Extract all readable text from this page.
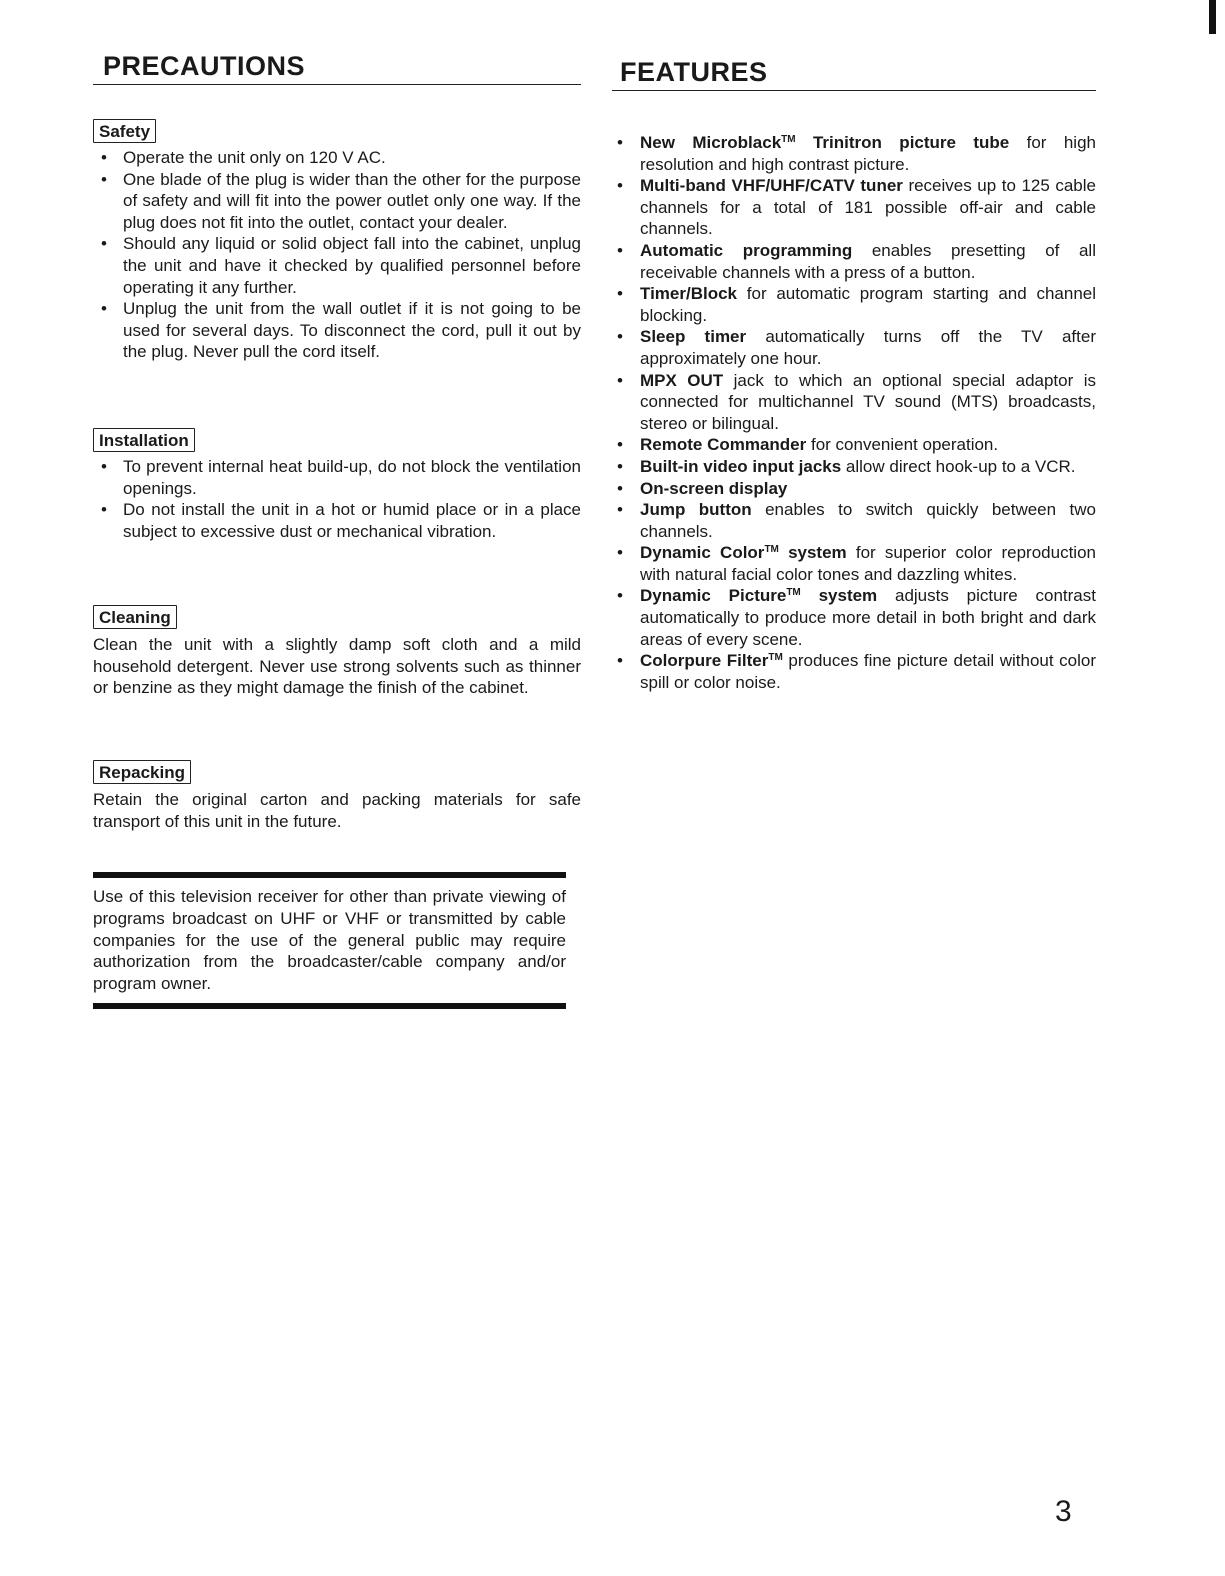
PRECAUTIONS
Safety
• Operate the unit only on 120 V AC.
• One blade of the plug is wider than the other for the purpose of safety and will fit into the power outlet only one way. If the plug does not fit into the outlet, contact your dealer.
• Should any liquid or solid object fall into the cabinet, unplug the unit and have it checked by qualified personnel before operating it any further.
• Unplug the unit from the wall outlet if it is not going to be used for several days. To disconnect the cord, pull it out by the plug. Never pull the cord itself.
Installation
• To prevent internal heat build-up, do not block the ventilation openings.
• Do not install the unit in a hot or humid place or in a place subject to excessive dust or mechanical vibration.
Cleaning

Clean the unit with a slightly damp soft cloth and a mild household detergent. Never use strong solvents such as thinner or benzine as they might damage the finish of the cabinet.

Repacking

Retain the original carton and packing materials for safe transport of this unit in the future.

Use of this television receiver for other than private viewing of programs broadcast on UHF or VHF or transmitted by cable companies for the use of the general public may require authorization from the broadcaster/cable company and/or program owner.

FEATURES
• New Microblack™ Trinitron picture tube for high resolution and high contrast picture.
• Multi-band VHF/UHF/CATV tuner receives up to 125 cable channels for a total of 181 possible off-air and cable channels.
• Automatic programming enables presetting of all receivable channels with a press of a button.
• Timer/Block for automatic program starting and channel blocking.
• Sleep timer automatically turns off the TV after approximately one hour.
• MPX OUT jack to which an optional special adaptor is connected for multichannel TV sound (MTS) broadcasts, stereo or bilingual.
• Remote Commander for convenient operation.
• Built-in video input jacks allow direct hook-up to a VCR.
• On-screen display
• Jump button enables to switch quickly between two channels.
• Dynamic Color™ system for superior color reproduction with natural facial color tones and dazzling whites.
• Dynamic Picture™ system adjusts picture contrast automatically to produce more detail in both bright and dark areas of every scene.
• Colorpure Filter™ produces fine picture detail without color spill or color noise.
3
